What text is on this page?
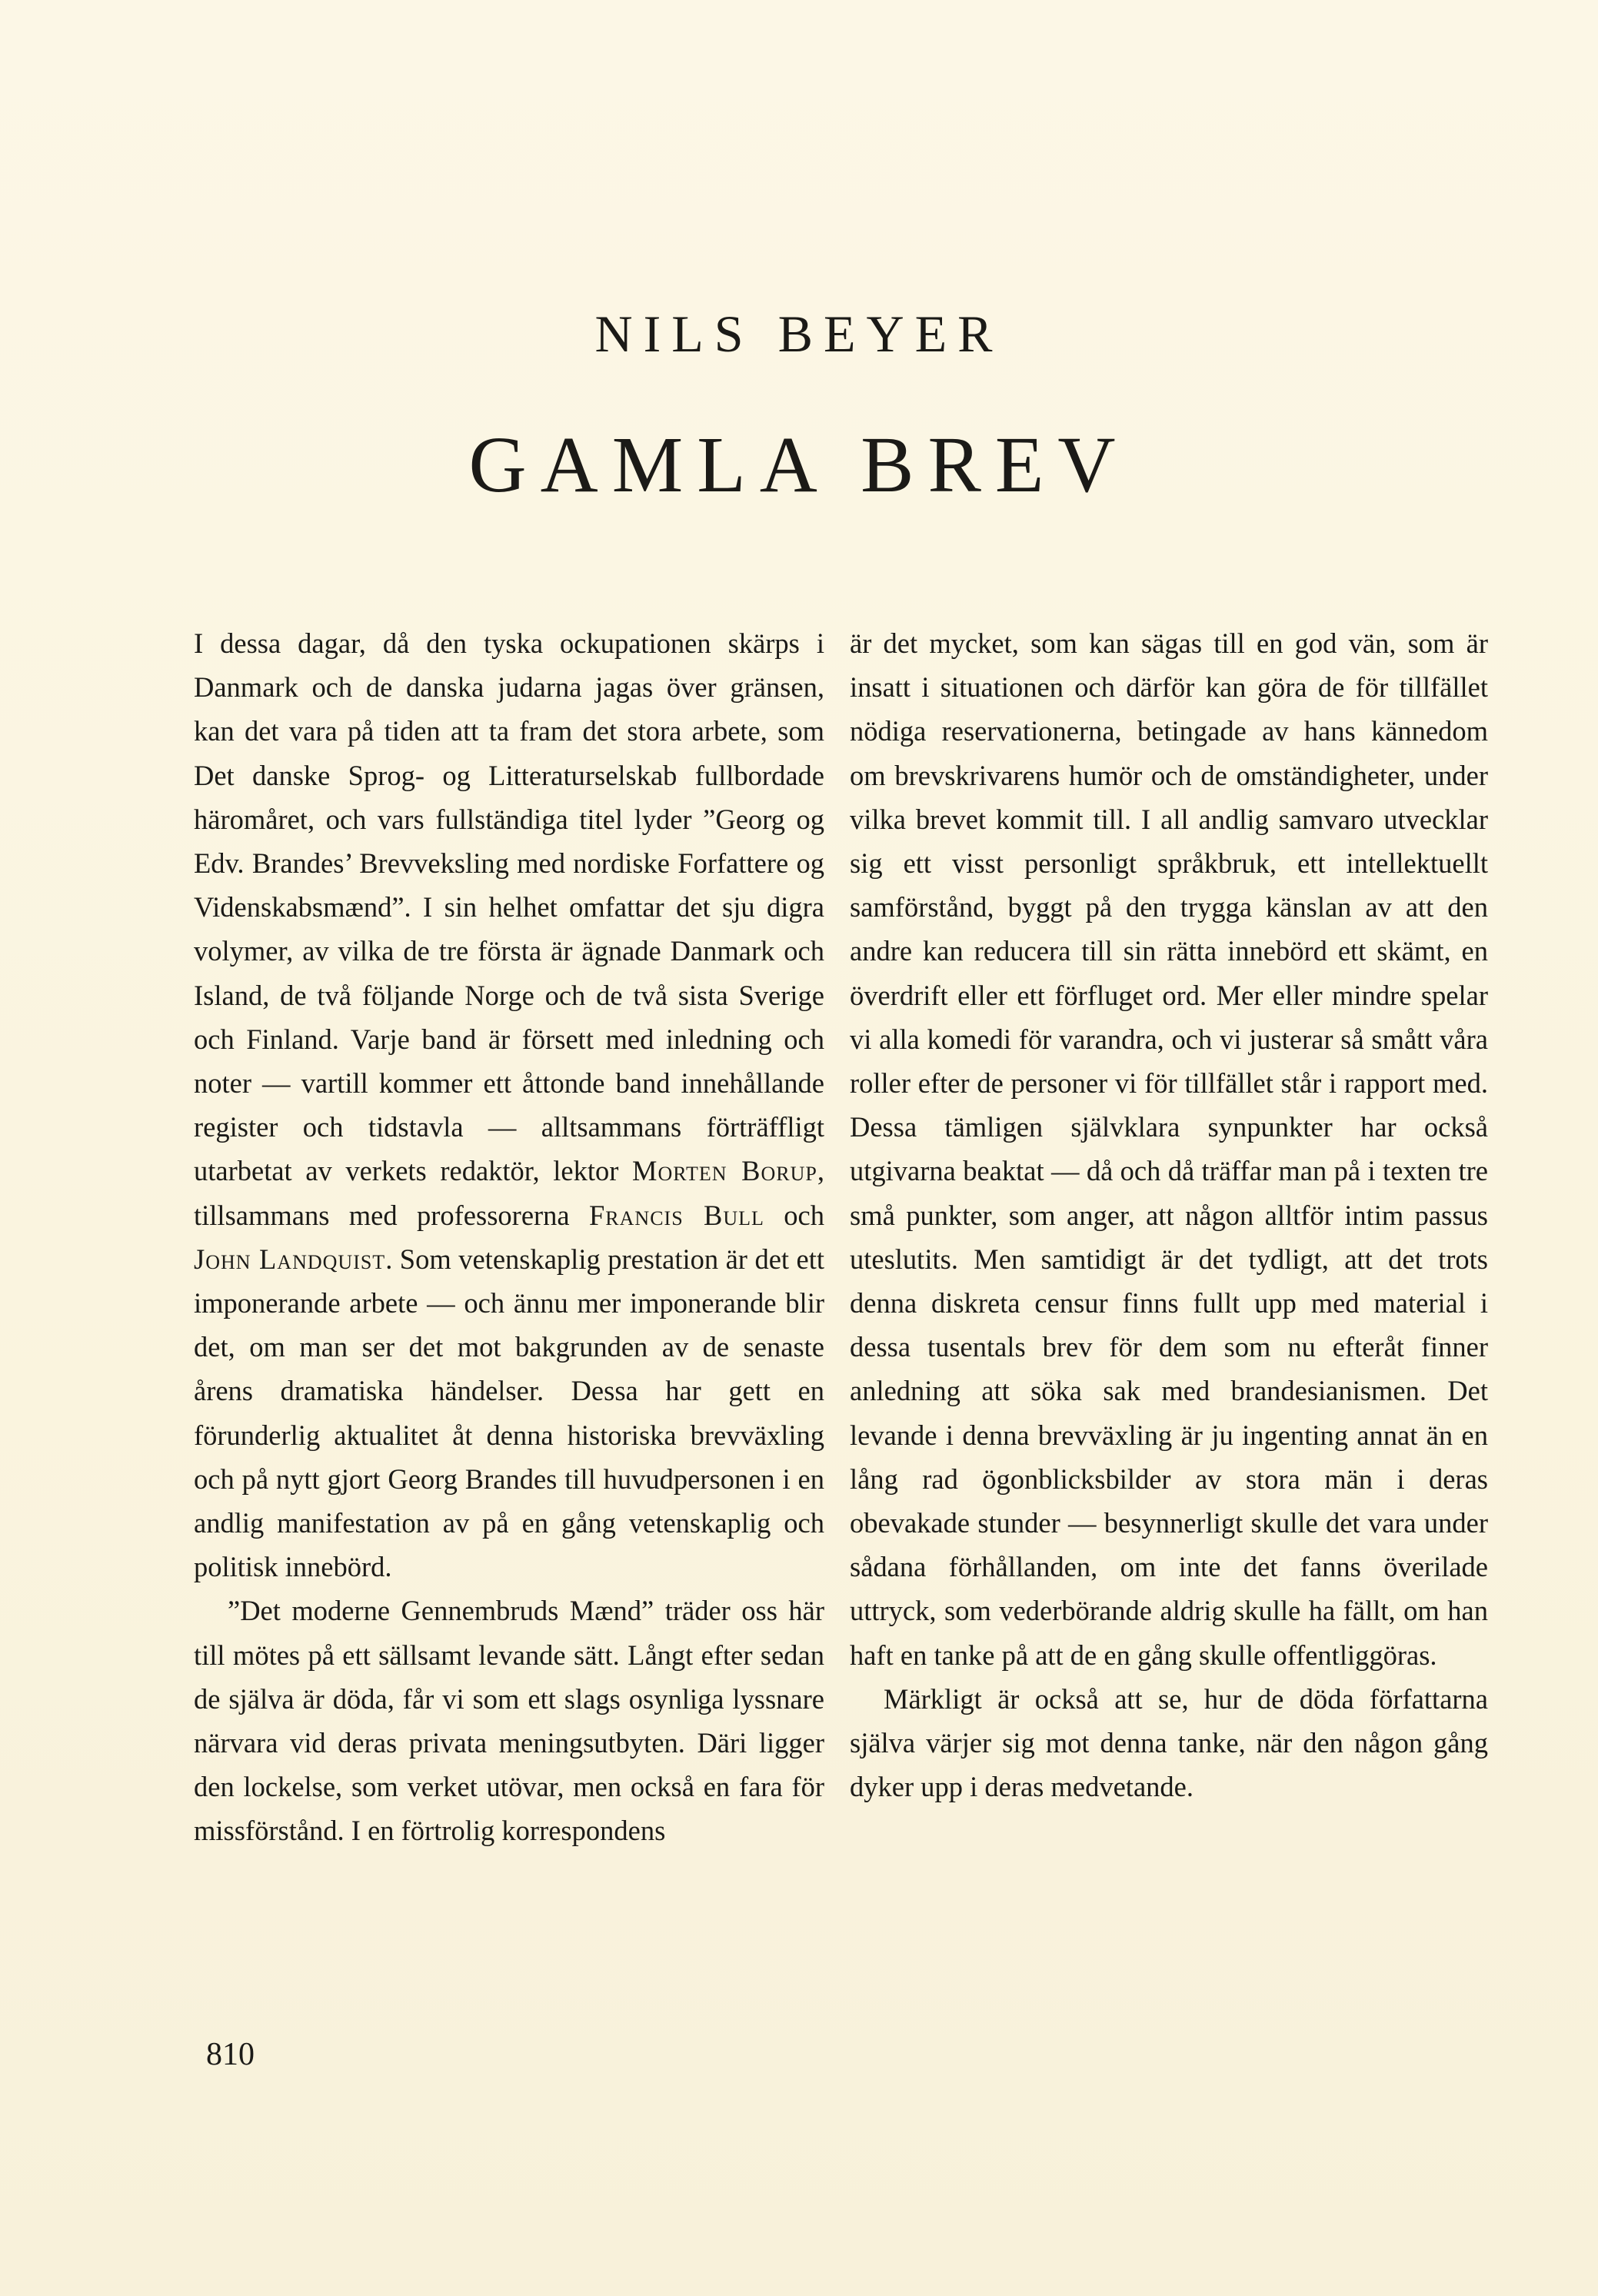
NILS BEYER
GAMLA BREV

I dessa dagar, då den tyska ockupationen skärps i Danmark och de danska judarna jagas över gränsen, kan det vara på tiden att ta fram det stora arbete, som Det danske Sprog- og Litteraturselskab fullbordade häromåret, och vars fullständiga titel lyder ”Georg og Edv. Brandes’ Brevveksling med nordiske Forfattere og Videnskabsmænd”. I sin helhet omfattar det sju digra volymer, av vilka de tre första är ägnade Danmark och Island, de två följande Norge och de två sista Sverige och Finland. Varje band är försett med inledning och noter — vartill kommer ett åttonde band innehållande register och tidstavla — alltsammans förträffligt utarbetat av verkets redaktör, lektor Morten Borup, tillsammans med professorerna Francis Bull och John Landquist. Som vetenskaplig prestation är det ett imponerande arbete — och ännu mer imponerande blir det, om man ser det mot bakgrunden av de senaste årens dramatiska händelser. Dessa har gett en förunderlig aktualitet åt denna historiska brevväxling och på nytt gjort Georg Brandes till huvudpersonen i en andlig manifestation av på en gång vetenskaplig och politisk innebörd.

”Det moderne Gennembruds Mænd” träder oss här till mötes på ett sällsamt levande sätt. Långt efter sedan de själva är döda, får vi som ett slags osynliga lyssnare närvara vid deras privata meningsutbyten. Däri ligger den lockelse, som verket utövar, men också en fara för missförstånd. I en förtrolig korrespondens

är det mycket, som kan sägas till en god vän, som är insatt i situationen och därför kan göra de för tillfället nödiga reservationerna, betingade av hans kännedom om brevskrivarens humör och de omständigheter, under vilka brevet kommit till. I all andlig samvaro utvecklar sig ett visst personligt språkbruk, ett intellektuellt samförstånd, byggt på den trygga känslan av att den andre kan reducera till sin rätta innebörd ett skämt, en överdrift eller ett förfluget ord. Mer eller mindre spelar vi alla komedi för varandra, och vi justerar så smått våra roller efter de personer vi för tillfället står i rapport med. Dessa tämligen självklara synpunkter har också utgivarna beaktat — då och då träffar man på i texten tre små punkter, som anger, att någon alltför intim passus uteslutits. Men samtidigt är det tydligt, att det trots denna diskreta censur finns fullt upp med material i dessa tusentals brev för dem som nu efteråt finner anledning att söka sak med brandesianismen. Det levande i denna brevväxling är ju ingenting annat än en lång rad ögonblicksbilder av stora män i deras obevakade stunder — besynnerligt skulle det vara under sådana förhållanden, om inte det fanns överilade uttryck, som vederbörande aldrig skulle ha fällt, om han haft en tanke på att de en gång skulle offentliggöras.

Märkligt är också att se, hur de döda författarna själva värjer sig mot denna tanke, när den någon gång dyker upp i deras medvetande.

810
